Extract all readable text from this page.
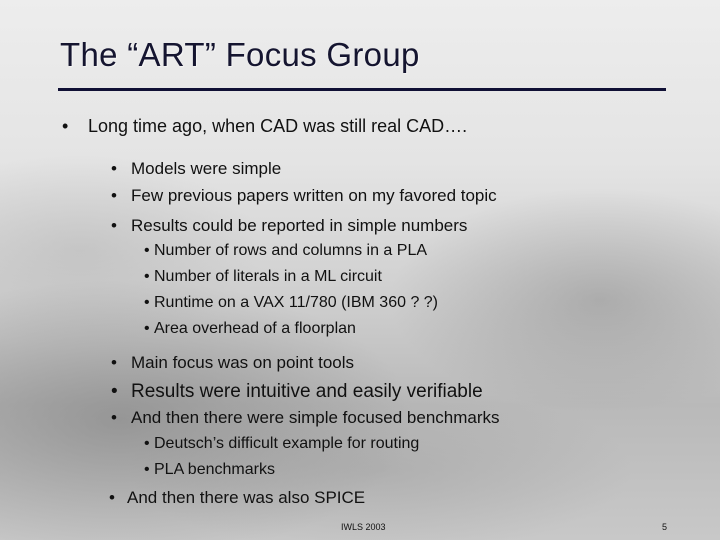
The “ART” Focus Group
• Long time ago, when CAD was still real CAD….
• Models were simple
• Few previous papers written on my favored topic
• Results could be reported in simple numbers
• Number of rows and columns in a PLA
• Number of literals in a ML circuit
• Runtime on a VAX 11/780 (IBM 360 ? ?)
• Area overhead of a floorplan
• Main focus was on point tools
• Results were intuitive and easily verifiable
• And then there were simple focused benchmarks
• Deutsch’s difficult example for routing
• PLA benchmarks
• And then there was also SPICE
IWLS 2003	5
